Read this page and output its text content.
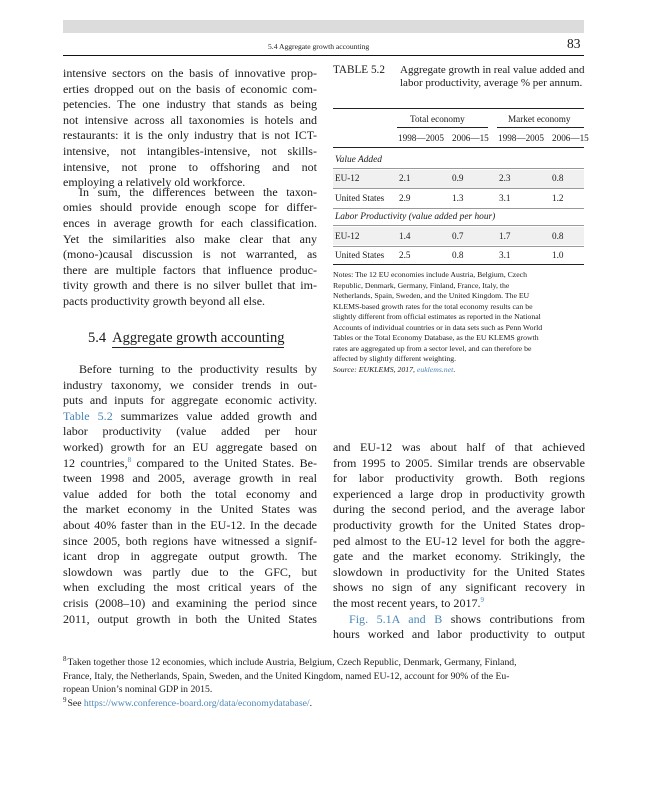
5.4 Aggregate growth accounting	83
intensive sectors on the basis of innovative prop-
erties dropped out on the basis of economic com-
petencies. The one industry that stands as being
not intensive across all taxonomies is hotels and
restaurants: it is the only industry that is not ICT-
intensive, not intangibles-intensive, not skills-
intensive, not prone to offshoring and not
employing a relatively old workforce.
In sum, the differences between the taxon-
omies should provide enough scope for differ-
ences in average growth for each classification.
Yet the similarities also make clear that any
(mono-)causal discussion is not warranted, as
there are multiple factors that influence produc-
tivity growth and there is no silver bullet that im-
pacts productivity growth beyond all else.
5.4 Aggregate growth accounting
Before turning to the productivity results by
industry taxonomy, we consider trends in out-
puts and inputs for aggregate economic activity.
Table 5.2 summarizes value added growth and
labor productivity (value added per hour
worked) growth for an EU aggregate based on
12 countries,$^8$ compared to the United States. Be-
tween 1998 and 2005, average growth in real
value added for both the total economy and
the market economy in the United States was
about 40% faster than in the EU-12. In the decade
since 2005, both regions have witnessed a signif-
icant drop in aggregate output growth. The
slowdown was partly due to the GFC, but
when excluding the most critical years of the
crisis (2008–10) and examining the period since
2011, output growth in both the United States
TABLE 5.2 Aggregate growth in real value added and labor productivity, average % per annum.
Total economy	Market economy
1998—2005 2006—15 1998—2005 2006—15
Value Added
EU-12	2.1	0.9	2.3	0.8
United States 2.9	1.3	3.1	1.2
Labor Productivity (value added per hour)
EU-12	1.4	0.7	1.7	0.8
United States 2.5	0.8	3.1	1.0
Notes: The 12 EU economies include Austria, Belgium, Czech
Republic, Denmark, Germany, Finland, France, Italy, the
Netherlands, Spain, Sweden, and the United Kingdom. The EU
KLEMS-based growth rates for the total economy results can be
slightly different from official estimates as reported in the National
Accounts of individual countries or in data sets such as Penn World
Tables or the Total Economy Database, as the EU KLEMS growth
rates are aggregated up from a sector level, and can therefore be
affected by slightly different weighting.
Source: EUKLEMS, 2017, euklems.net.
and EU-12 was about half of that achieved
from 1995 to 2005. Similar trends are observable
for labor productivity growth. Both regions
experienced a large drop in productivity growth
during the second period, and the average labor
productivity growth for the United States drop-
ped almost to the EU-12 level for both the aggre-
gate and the market economy. Strikingly, the
slowdown in productivity for the United States
shows no sign of any significant recovery in
the most recent years, to 2017.$^9$
Fig. 5.1A and B shows contributions from
hours worked and labor productivity to output
$^8$Taken together those 12 economies, which include Austria, Belgium, Czech Republic, Denmark, Germany, Finland,
France, Italy, the Netherlands, Spain, Sweden, and the United Kingdom, named EU-12, account for 90% of the Eu-
ropean Union’s nominal GDP in 2015.
$^9$See https://www.conference-board.org/data/economydatabase/.
